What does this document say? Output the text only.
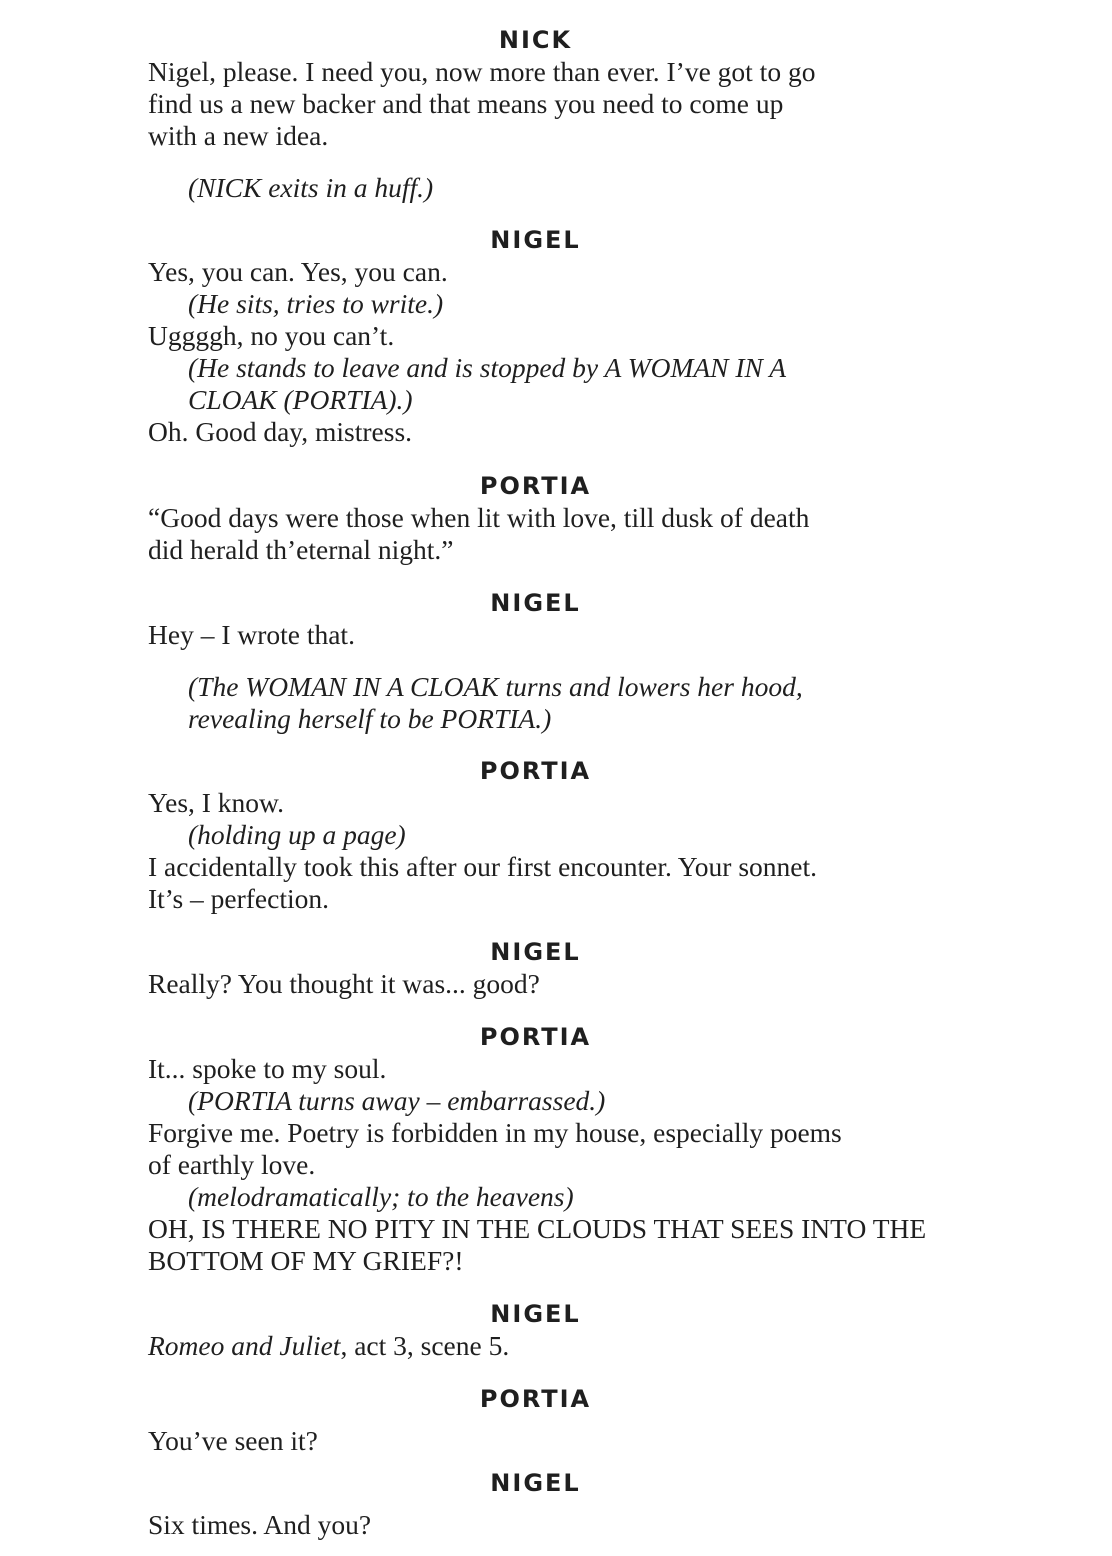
NICK
Nigel, please. I need you, now more than ever. I’ve got to go
find us a new backer and that means you need to come up
with a new idea.
(NICK exits in a huff.)
NIGEL
Yes, you can. Yes, you can.
(He sits, tries to write.)
Uggggh, no you can’t.
(He stands to leave and is stopped by A WOMAN IN A
CLOAK (PORTIA).)
Oh. Good day, mistress.
PORTIA
“Good days were those when lit with love, till dusk of death
did herald th’eternal night.”
NIGEL
Hey – I wrote that.
(The WOMAN IN A CLOAK turns and lowers her hood,
revealing herself to be PORTIA.)
PORTIA
Yes, I know.
(holding up a page)
I accidentally took this after our first encounter. Your sonnet.
It’s – perfection.
NIGEL
Really? You thought it was... good?
PORTIA
It... spoke to my soul.
(PORTIA turns away – embarrassed.)
Forgive me. Poetry is forbidden in my house, especially poems
of earthly love.
(melodramatically; to the heavens)
OH, IS THERE NO PITY IN THE CLOUDS THAT SEES INTO THE
BOTTOM OF MY GRIEF?!
NIGEL
Romeo and Juliet, act 3, scene 5.
PORTIA
You’ve seen it?
NIGEL
Six times. And you?
